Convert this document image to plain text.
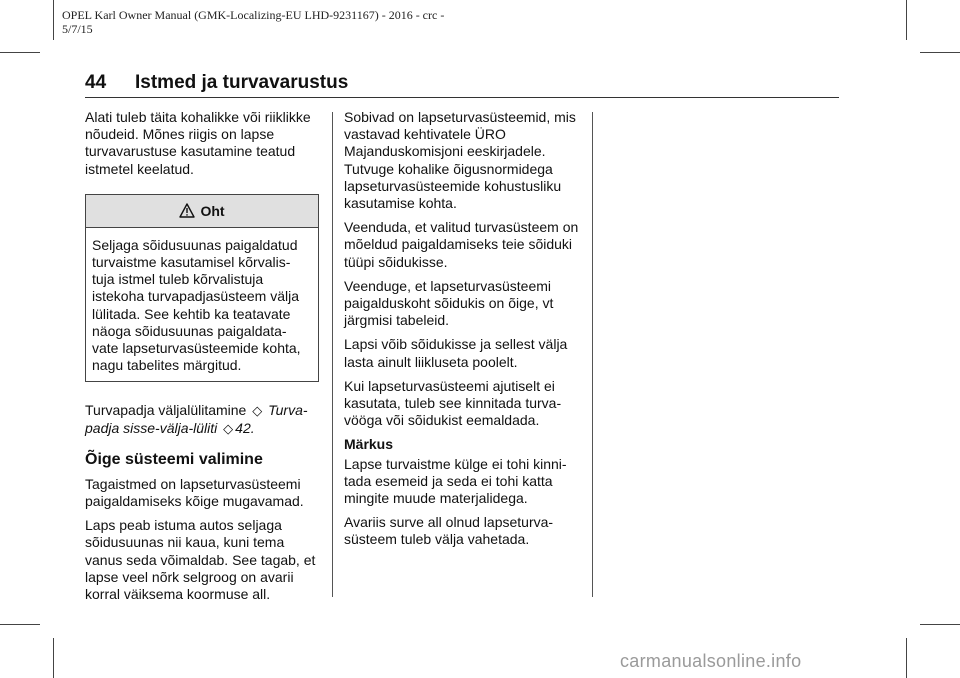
OPEL Karl Owner Manual (GMK-Localizing-EU LHD-9231167) - 2016 - crc -
5/7/15
44 Istmed ja turvavarustus

Alati tuleb täita kohalikke või riiklikke nõudeid. Mõnes riigis on lapse turvavarustuse kasutamine teatud istmetel keelatud.

Oht
Seljaga sõidusuunas paigaldatud turvaistme kasutamisel kõrvalis-tuja istmel tuleb kõrvalistuja istekoha turvapadjasüsteem välja lülitada. See kehtib ka teatavate näoga sõidusuunas paigaldata-vate lapseturvasüsteemide kohta, nagu tabelites märgitud.

Turvapadja väljalülitamine ◇ Turva-padja sisse-välja-lüliti ◇ 42.

Õige süsteemi valimine

Tagaistmed on lapseturvasüsteemi paigaldamiseks kõige mugavamad.

Laps peab istuma autos seljaga sõidusuunas nii kaua, kuni tema vanus seda võimaldab. See tagab, et lapse veel nõrk selgroog on avarii korral väiksema koormuse all.

Sobivad on lapseturvasüsteemid, mis vastavad kehtivatele ÜRO Majanduskomisjoni eeskirjadele. Tutvuge kohalike õigusnormidega lapseturvasüsteemide kohustusliku kasutamise kohta.

Veenduda, et valitud turvasüsteem on mõeldud paigaldamiseks teie sõiduki tüüpi sõidukisse.

Veenduge, et lapseturvasüsteemi paigalduskoht sõidukis on õige, vt järgmisi tabeleid.

Lapsi võib sõidukisse ja sellest välja lasta ainult liikluseta poolelt.

Kui lapseturvasüsteemi ajutiselt ei kasutata, tuleb see kinnitada turva-vööga või sõidukist eemaldada.

Märkus

Lapse turvaistme külge ei tohi kinni-tada esemeid ja seda ei tohi katta mingite muude materjalidega.

Avariis surve all olnud lapseturva-süsteem tuleb välja vahetada.

carmanualsonline.info
